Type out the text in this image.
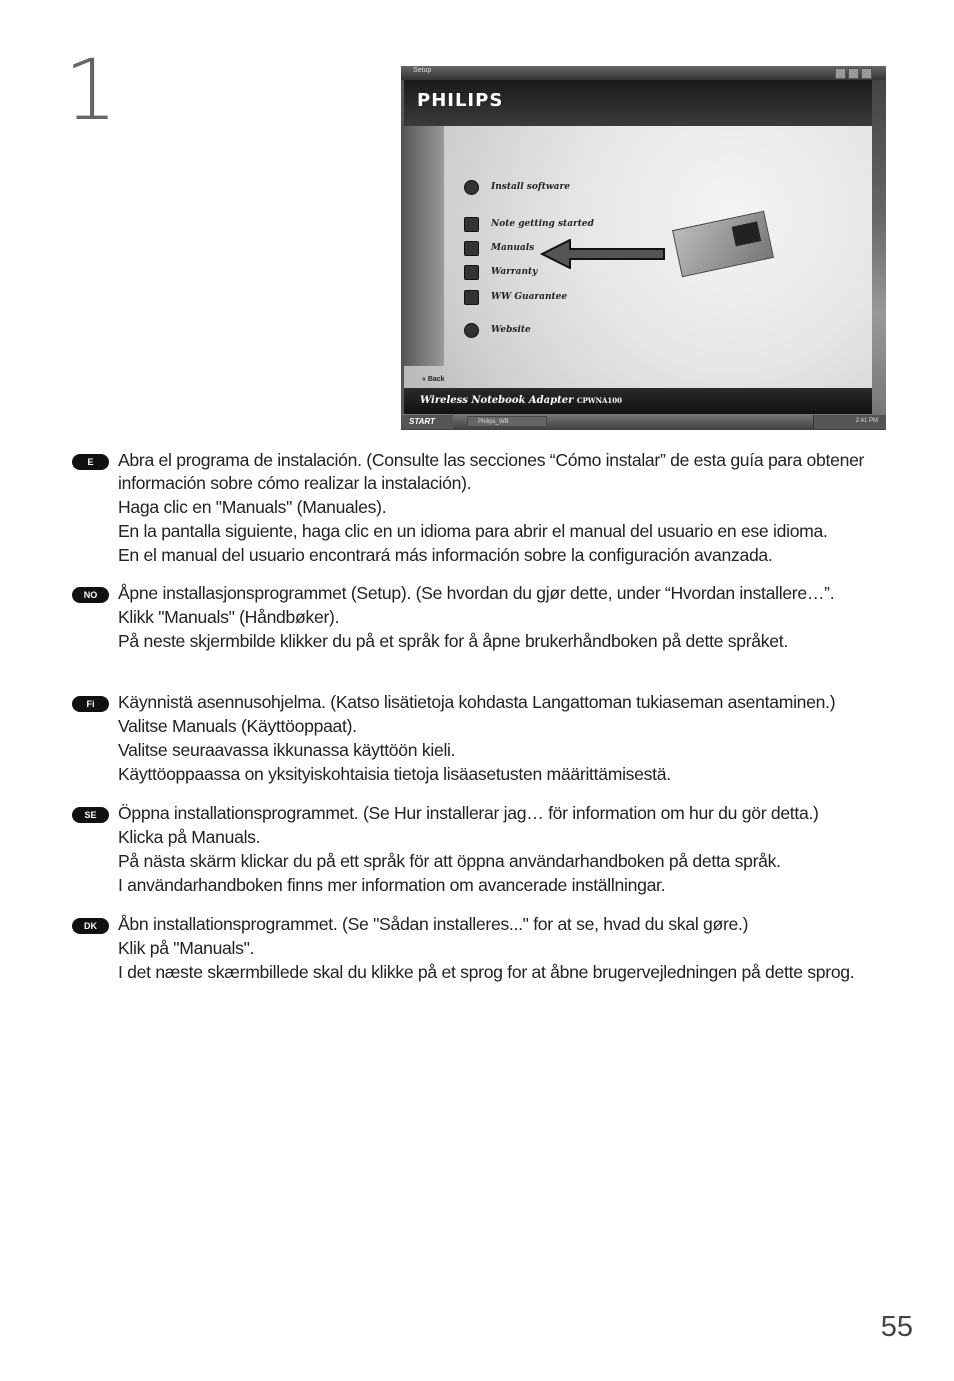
1	Setup
PHILIPS
Install software
Note getting started
Manuals
Warranty
WW Guarantee
Website
« Back
Wireless Notebook Adapter CPWNA100
START	Philips_WB	2:41 PM
E	Abra el programa de instalación. (Consulte las secciones “Cómo instalar” de esta guía para obtener información sobre cómo realizar la instalación).

Haga clic en "Manuals" (Manuales).

En la pantalla siguiente, haga clic en un idioma para abrir el manual del usuario en ese idioma.

En el manual del usuario encontrará más información sobre la configuración avanzada.

NO	Åpne installasjonsprogrammet (Setup). (Se hvordan du gjør dette, under “Hvordan installere…”.

Klikk "Manuals" (Håndbøker).

På neste skjermbilde klikker du på et språk for å åpne brukerhåndboken på dette språket.

Fi	Käynnistä asennusohjelma. (Katso lisätietoja kohdasta Langattoman tukiaseman asentaminen.)

Valitse Manuals (Käyttöoppaat).

Valitse seuraavassa ikkunassa käyttöön kieli.

Käyttöoppaassa on yksityiskohtaisia tietoja lisäasetusten määrittämisestä.

SE	Öppna installationsprogrammet. (Se Hur installerar jag… för information om hur du gör detta.)

Klicka på Manuals.

På nästa skärm klickar du på ett språk för att öppna användarhandboken på detta språk.

I användarhandboken finns mer information om avancerade inställningar.

DK	Åbn installationsprogrammet. (Se "Sådan installeres..." for at se, hvad du skal gøre.)

Klik på "Manuals".

I det næste skærmbillede skal du klikke på et sprog for at åbne brugervejledningen på dette sprog.

55
